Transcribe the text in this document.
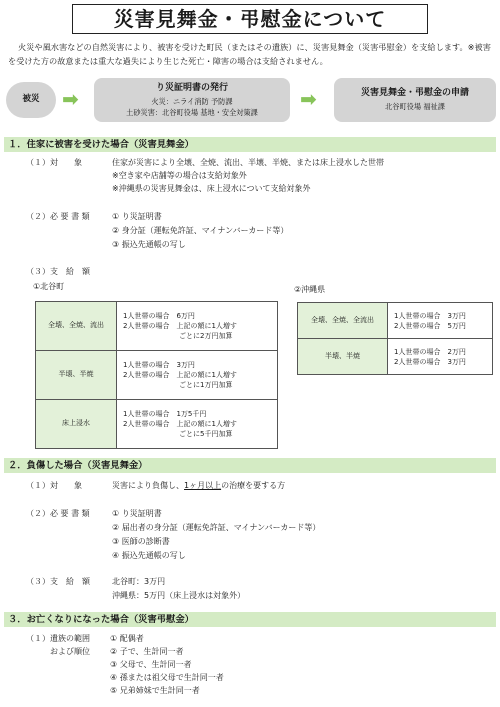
災害見舞金・弔慰金について
火災や風水害などの自然災害により、被害を受けた町民（またはその遺族）に、災害見舞金（災害弔慰金）を支給します。※被害を受けた方の故意または重大な過失により生じた死亡・障害の場合は支給されません。
被災	➡	り災証明書の発行
火災：ニライ消防 予防課
土砂災害：北谷町役場 基地・安全対策課
➡	災害見舞金・弔慰金の申請
北谷町役場 福祉課
１．住家に被害を受けた場合（災害見舞金）
（１）対　　象	住家が災害により全壊、全焼、流出、半壊、半焼、または床上浸水した世帯
※空き家や店舗等の場合は支給対象外
※沖縄県の災害見舞金は、床上浸水について支給対象外
（２）必 要 書 類	① り災証明書
② 身分証（運転免許証、マイナンバーカード等）
③ 振込先通帳の写し
（３）支　給　額
①北谷町	②沖縄県
全壊、全焼、流出	1人世帯の場合　6万円
2人世帯の場合　上記の額に1人増す
　　　　　　　　ごとに2万円加算

半壊、半焼	1人世帯の場合　3万円
2人世帯の場合　上記の額に1人増す
　　　　　　　　ごとに1万円加算

床上浸水	1人世帯の場合　1万5千円
2人世帯の場合　上記の額に1人増す
　　　　　　　　ごとに5千円加算
全壊、全焼、全流出	1人世帯の場合　3万円
2人世帯の場合　5万円

半壊、半焼	1人世帯の場合　2万円
2人世帯の場合　3万円
２．負傷した場合（災害見舞金）
（１）対　　象	災害により負傷し、1ヶ月以上の治療を要する方
（２）必 要 書 類	① り災証明書
② 届出者の身分証（運転免許証、マイナンバーカード等）
③ 医師の診断書
④ 振込先通帳の写し
（３）支　給　額	北谷町：3万円
沖縄県：5万円（床上浸水は対象外）
３．お亡くなりになった場合（災害弔慰金）
（１）遺族の範囲
および順位
① 配偶者
② 子で、生計同一者
③ 父母で、生計同一者
④ 孫または祖父母で生計同一者
⑤ 兄弟姉妹で生計同一者
